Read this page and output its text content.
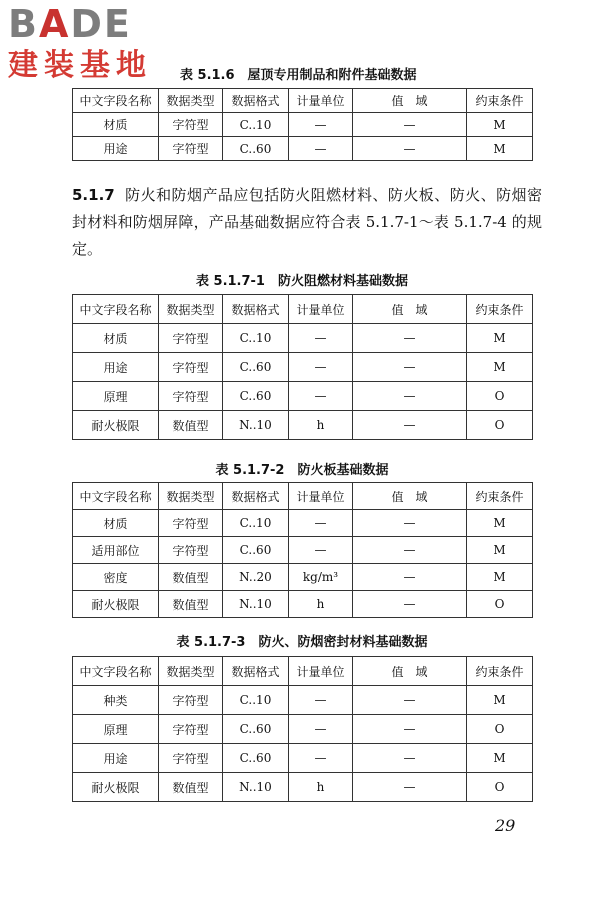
BADE
建装基地	表 5.1.6　屋顶专用制品和附件基础数据
中文字段名称	数据类型	数据格式	计量单位	值　域	约束条件
材质	字符型	C..10	—	—	M
用途	字符型	C..60	—	—	M
5.1.7 防火和防烟产品应包括防火阻燃材料、防火板、防火、防烟密封材料和防烟屏障，产品基础数据应符合表 5.1.7-1～表 5.1.7-4 的规定。
表 5.1.7-1　防火阻燃材料基础数据
中文字段名称	数据类型	数据格式	计量单位	值　域	约束条件
材质	字符型	C..10	—	—	M
用途	字符型	C..60	—	—	M
原理	字符型	C..60	—	—	O
耐火极限	数值型	N..10	h	—	O
表 5.1.7-2　防火板基础数据
中文字段名称	数据类型	数据格式	计量单位	值　域	约束条件
材质	字符型	C..10	—	—	M
适用部位	字符型	C..60	—	—	M
密度	数值型	N..20	kg/m³	—	M
耐火极限	数值型	N..10	h	—	O
表 5.1.7-3　防火、防烟密封材料基础数据
中文字段名称	数据类型	数据格式	计量单位	值　域	约束条件
种类	字符型	C..10	—	—	M
原理	字符型	C..60	—	—	O
用途	字符型	C..60	—	—	M
耐火极限	数值型	N..10	h	—	O
29
